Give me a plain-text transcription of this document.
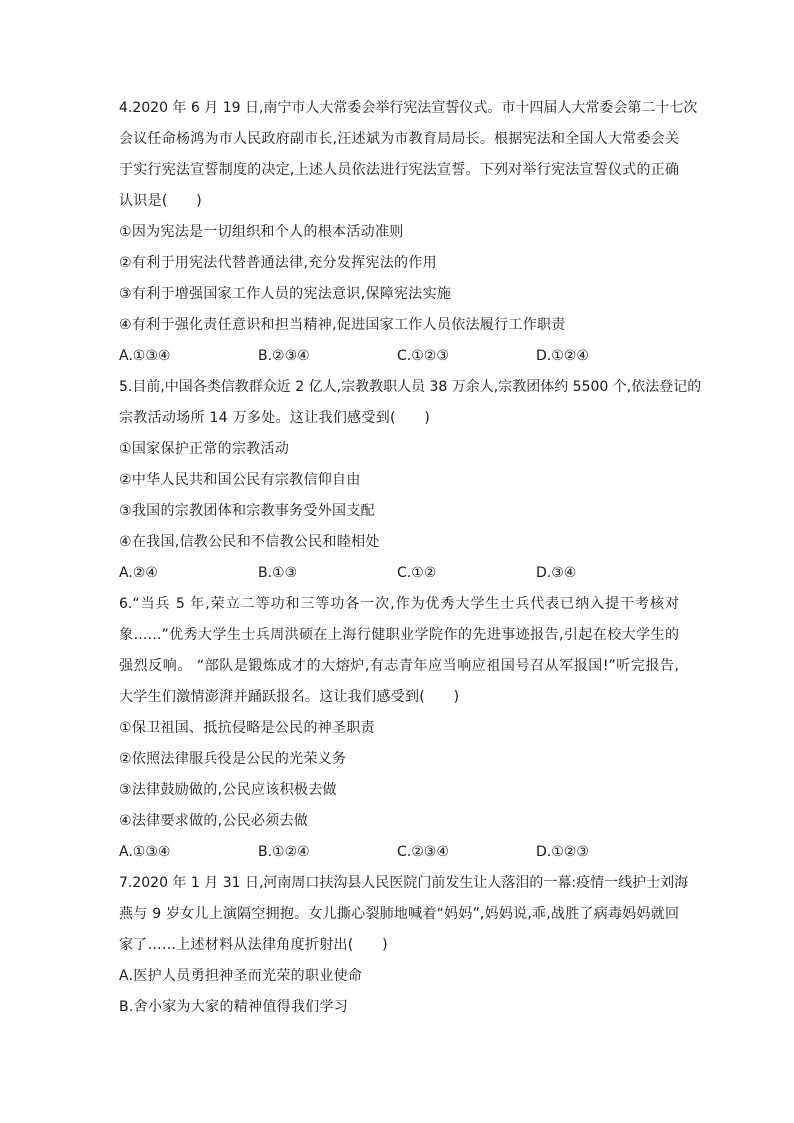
4.2020 年 6 月 19 日,南宁市人大常委会举行宪法宣誓仪式。市十四届人大常委会第二十七次
会议任命杨鸿为市人民政府副市长,汪述斌为市教育局局长。根据宪法和全国人大常委会关
于实行宪法宣誓制度的决定,上述人员依法进行宪法宣誓。下列对举行宪法宣誓仪式的正确
认识是(　　)
①因为宪法是一切组织和个人的根本活动准则
②有利于用宪法代替普通法律,充分发挥宪法的作用
③有利于增强国家工作人员的宪法意识,保障宪法实施
④有利于强化责任意识和担当精神,促进国家工作人员依法履行工作职责
A.①③④	B.②③④	C.①②③	D.①②④
5.目前,中国各类信教群众近 2 亿人,宗教教职人员 38 万余人,宗教团体约 5500 个,依法登记的
宗教活动场所 14 万多处。这让我们感受到(　　)
①国家保护正常的宗教活动
②中华人民共和国公民有宗教信仰自由
③我国的宗教团体和宗教事务受外国支配
④在我国,信教公民和不信教公民和睦相处
A.②④	B.①③	C.①②	D.③④
6.“当兵 5 年,荣立二等功和三等功各一次,作为优秀大学生士兵代表已纳入提干考核对
象……”优秀大学生士兵周洪硕在上海行健职业学院作的先进事迹报告,引起在校大学生的
强烈反响。 “部队是锻炼成才的大熔炉,有志青年应当响应祖国号召从军报国!”听完报告,
大学生们激情澎湃并踊跃报名。这让我们感受到(　　)
①保卫祖国、抵抗侵略是公民的神圣职责
②依照法律服兵役是公民的光荣义务
③法律鼓励做的,公民应该积极去做
④法律要求做的,公民必须去做
A.①③④	B.①②④	C.②③④	D.①②③
7.2020 年 1 月 31 日,河南周口扶沟县人民医院门前发生让人落泪的一幕:疫情一线护士刘海
燕与 9 岁女儿上演隔空拥抱。女儿撕心裂肺地喊着“妈妈”,妈妈说,乖,战胜了病毒妈妈就回
家了……上述材料从法律角度折射出(　　)
A.医护人员勇担神圣而光荣的职业使命
B.舍小家为大家的精神值得我们学习
